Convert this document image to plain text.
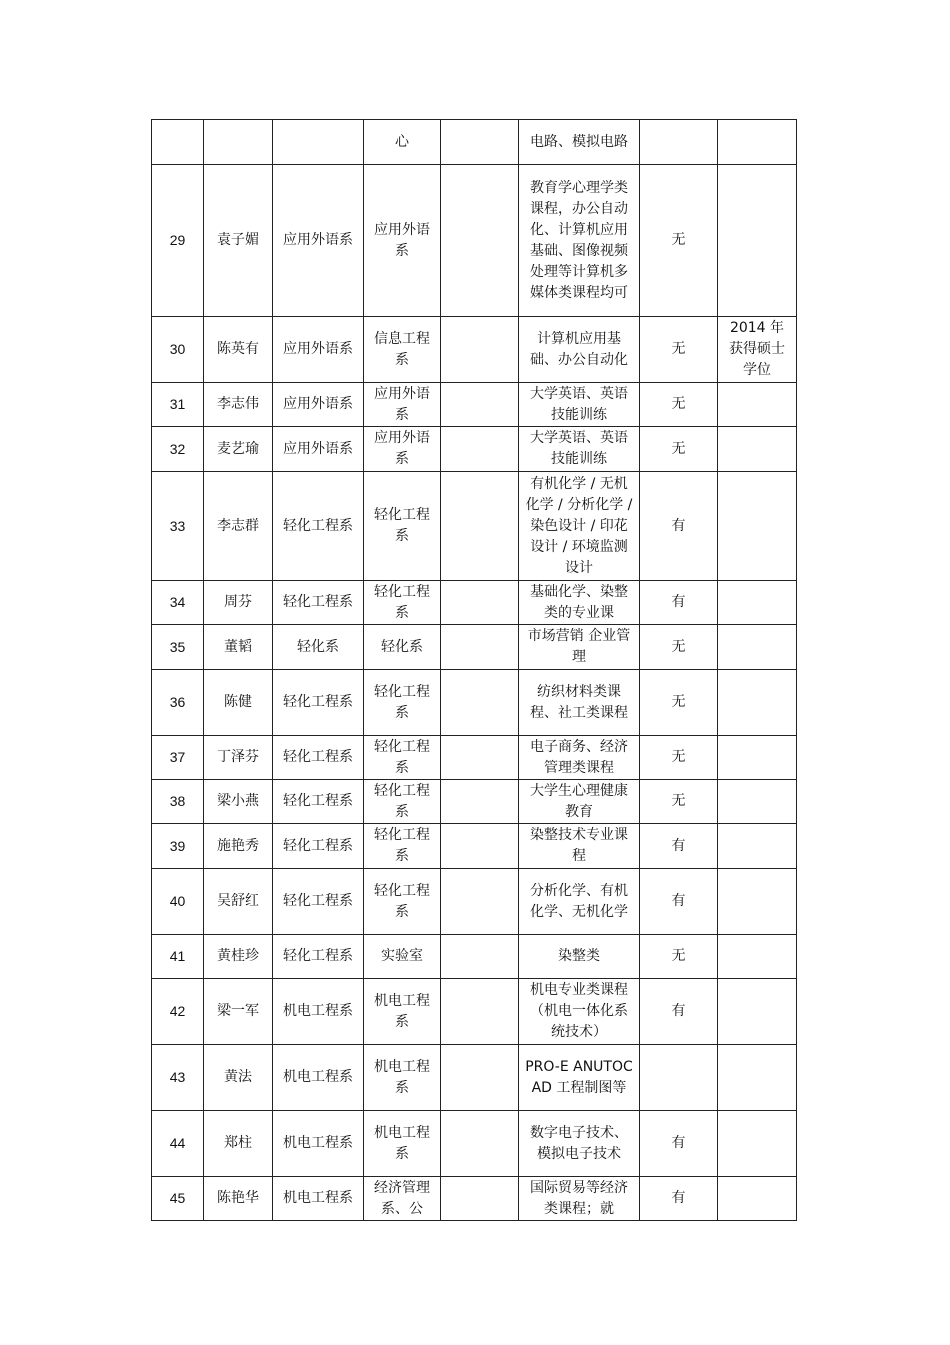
			心		电路、模拟电路		
29	袁子媚	应用外语系	应用外语系		教育学心理学类课程，办公自动化、计算机应用基础、图像视频处理等计算机多媒体类课程均可	无	
30	陈英有	应用外语系	信息工程系		计算机应用基础、办公自动化	无	2014 年获得硕士学位
31	李志伟	应用外语系	应用外语系		大学英语、英语技能训练	无	
32	麦艺瑜	应用外语系	应用外语系		大学英语、英语技能训练	无	
33	李志群	轻化工程系	轻化工程系		有机化学 / 无机化学 / 分析化学 / 染色设计 / 印花设计 / 环境监测设计	有	
34	周芬	轻化工程系	轻化工程系		基础化学、染整类的专业课	有	
35	董韬	轻化系	轻化系		市场营销 企业管理	无	
36	陈健	轻化工程系	轻化工程系		纺织材料类课程、社工类课程	无	
37	丁泽芬	轻化工程系	轻化工程系		电子商务、经济管理类课程	无	
38	梁小燕	轻化工程系	轻化工程系		大学生心理健康教育	无	
39	施艳秀	轻化工程系	轻化工程系		染整技术专业课程	有	
40	吴舒红	轻化工程系	轻化工程系		分析化学、有机化学、无机化学	有	
41	黄桂珍	轻化工程系	实验室		染整类	无	
42	梁一军	机电工程系	机电工程系		机电专业类课程（机电一体化系统技术）	有	
43	黄法	机电工程系	机电工程系		PRO-E ANUTOCAD 工程制图等		
44	郑柱	机电工程系	机电工程系		数字电子技术、模拟电子技术	有	
45	陈艳华	机电工程系	经济管理系、公		国际贸易等经济类课程；就	有	
